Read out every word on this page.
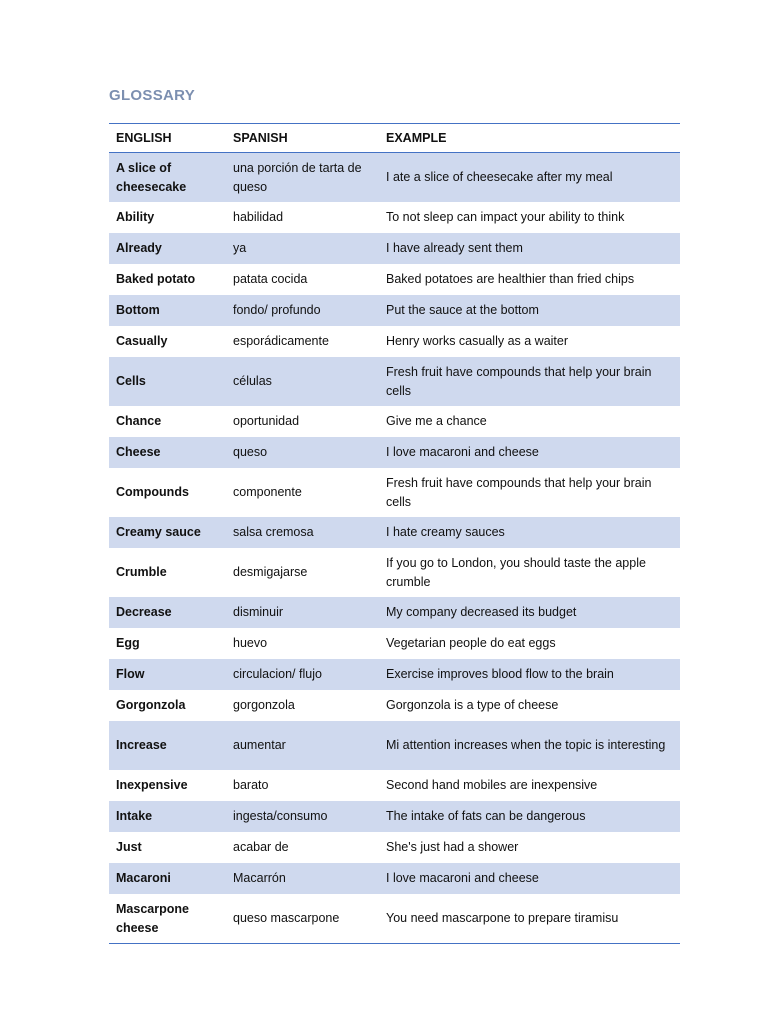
GLOSSARY
ENGLISH	SPANISH	EXAMPLE
A slice of cheesecake	una porción de tarta de queso	I ate a slice of cheesecake after my meal
Ability	habilidad	To not sleep can impact your ability to think
Already	ya	I have already sent them
Baked potato	patata cocida	Baked potatoes are healthier than fried chips
Bottom	fondo/ profundo	Put the sauce at the bottom
Casually	esporádicamente	Henry works casually as a waiter
Cells	células	Fresh fruit have compounds that help your brain cells
Chance	oportunidad	Give me a chance
Cheese	queso	I love macaroni and cheese
Compounds	componente	Fresh fruit have compounds that help your brain cells
Creamy sauce	salsa cremosa	I hate creamy sauces
Crumble	desmigajarse	If you go to London, you should taste the apple crumble
Decrease	disminuir	My company decreased its budget
Egg	huevo	Vegetarian people do eat eggs
Flow	circulacion/ flujo	Exercise improves blood flow to the brain
Gorgonzola	gorgonzola	Gorgonzola is a type of cheese
Increase	aumentar	Mi attention increases when the topic is interesting
Inexpensive	barato	Second hand mobiles are inexpensive
Intake	ingesta/consumo	The intake of fats can be dangerous
Just	acabar de	She's just had a shower
Macaroni	Macarrón	I love macaroni and cheese
Mascarpone cheese	queso mascarpone	You need mascarpone to prepare tiramisu
